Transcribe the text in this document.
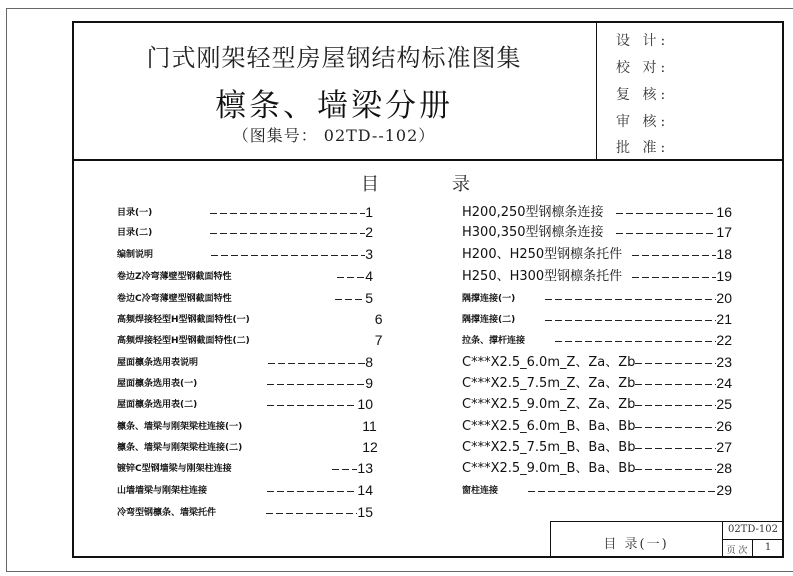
门式刚架轻型房屋钢结构标准图集
檩条、墙梁分册
（图集号： 02TD--102）
设 计:
校 对:
复 核:
审 核:
批 准:
目	录
目录(一)	1
目录(二)	2
编制说明	3
卷边Z冷弯薄壁型钢截面特性	4
卷边C冷弯薄壁型钢截面特性	5
高频焊接轻型H型钢截面特性(一)	6
高频焊接轻型H型钢截面特性(二)	7
屋面檩条选用表说明	8
屋面檩条选用表(一)	9
屋面檩条选用表(二)	10
檩条、墙梁与刚架梁柱连接(一)	11
檩条、墙梁与刚架梁柱连接(二)	12
镀锌C型钢墙梁与刚架柱连接	13
山墙墙梁与刚架柱连接	14
冷弯型钢檩条、墙梁托件	15
H200,250型钢檩条连接	16
H300,350型钢檩条连接	17
H200、H250型钢檩条托件	18
H250、H300型钢檩条托件	19
隅撑连接(一)	20
隅撑连接(二)	21
拉条、撑杆连接	22
C***X2.5_6.0m_Z、Za、Zb	23
C***X2.5_7.5m_Z、Za、Zb	24
C***X2.5_9.0m_Z、Za、Zb	25
C***X2.5_6.0m_B、Ba、Bb	26
C***X2.5_7.5m_B、Ba、Bb	27
C***X2.5_9.0m_B、Ba、Bb	28
窗柱连接	29
目 录(一)
02TD-102
页 次	1
